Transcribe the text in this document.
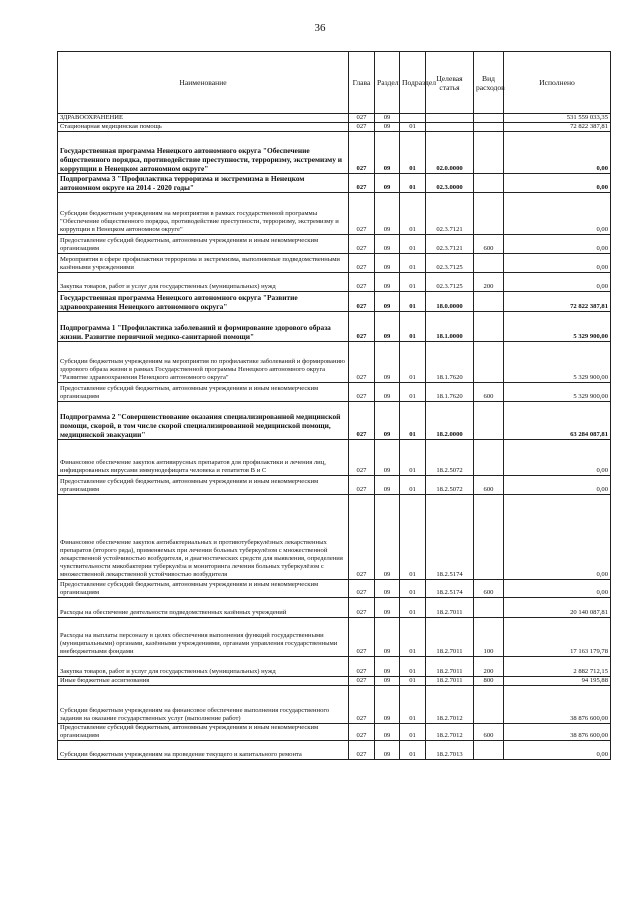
36
Наименование	Глава	Раздел	Подраздел	Целевая статья	Вид расходов	Исполнено
ЗДРАВООХРАНЕНИЕ	027	09				531 559 033,35
Стационарная медицинская помощь	027	09	01			72 822 387,81
Государственная программа Ненецкого автономного округа "Обеспечение общественного порядка, противодействие преступности, терроризму, экстремизму и коррупции в Ненецком автономном округе"	027	09	01	02.0.0000		0,00
Подпрограмма 3 "Профилактика терроризма и экстремизма в Ненецком автономном округе на 2014 - 2020 годы"	027	09	01	02.3.0000		0,00
Субсидии бюджетным учреждениям на мероприятия в рамках государственной программы "Обеспечение общественного порядка, противодействие преступности, терроризму, экстремизму и коррупции в Ненецком автономном округе"	027	09	01	02.3.7121		0,00
Предоставление субсидий бюджетным, автономным учреждениям и иным некоммерческим организациям	027	09	01	02.3.7121	600	0,00
Мероприятия в сфере профилактики терроризма и экстремизма, выполняемые подведомственными казёнными учреждениями	027	09	01	02.3.7125		0,00
Закупка товаров, работ и услуг для государственных (муниципальных) нужд	027	09	01	02.3.7125	200	0,00
Государственная программа Ненецкого автономного округа "Развитие здравоохранения Ненецкого автономного округа"	027	09	01	18.0.0000		72 822 387,81
Подпрограмма 1 "Профилактика заболеваний и формирование здорового образа жизни. Развитие первичной медико-санитарной помощи"	027	09	01	18.1.0000		5 329 900,00
Субсидии бюджетным учреждениям на мероприятия по профилактике заболеваний и формированию здорового образа жизни в рамках Государственной программы Ненецкого автономного округа "Развитие здравоохранения Ненецкого автономного округа"	027	09	01	18.1.7620		5 329 900,00
Предоставление субсидий бюджетным, автономным учреждениям и иным некоммерческим организациям	027	09	01	18.1.7620	600	5 329 900,00
Подпрограмма 2 "Совершенствование оказания специализированной медицинской помощи, скорой, в том числе скорой специализированной медицинской помощи, медицинской эвакуации"	027	09	01	18.2.0000		63 284 087,81
Финансовое обеспечение закупок антивирусных препаратов для профилактики и лечения лиц, инфицированных вирусами иммунодефицита человека и гепатитов В и С	027	09	01	18.2.5072		0,00
Предоставление субсидий бюджетным, автономным учреждениям и иным некоммерческим организациям	027	09	01	18.2.5072	600	0,00
Финансовое обеспечение закупок антибактериальных и противотуберкулёзных лекарственных препаратов (второго ряда), применяемых при лечении больных туберкулёзом с множественной лекарственной устойчивостью возбудителя, и диагностических средств для выявления, определения чувствительности микобактерии туберкулёза и мониторинга лечения больных туберкулёзом с множественной лекарственной устойчивостью возбудителя	027	09	01	18.2.5174		0,00
Предоставление субсидий бюджетным, автономным учреждениям и иным некоммерческим организациям	027	09	01	18.2.5174	600	0,00
Расходы на обеспечение деятельности подведомственных казённых учреждений	027	09	01	18.2.7011		20 140 087,81
Расходы на выплаты персоналу в целях обеспечения выполнения функций государственными (муниципальными) органами, казёнными учреждениями, органами управления государственными внебюджетными фондами	027	09	01	18.2.7011	100	17 163 179,78
Закупка товаров, работ и услуг для государственных (муниципальных) нужд	027	09	01	18.2.7011	200	2 882 712,15
Иные бюджетные ассигнования	027	09	01	18.2.7011	800	94 195,88
Субсидии бюджетным учреждениям на финансовое обеспечение выполнения государственного задания на оказание государственных услуг (выполнение работ)	027	09	01	18.2.7012		38 876 600,00
Предоставление субсидий бюджетным, автономным учреждениям и иным некоммерческим организациям	027	09	01	18.2.7012	600	38 876 600,00
Субсидии бюджетным учреждениям на проведение текущего и капитального ремонта	027	09	01	18.2.7013		0,00
